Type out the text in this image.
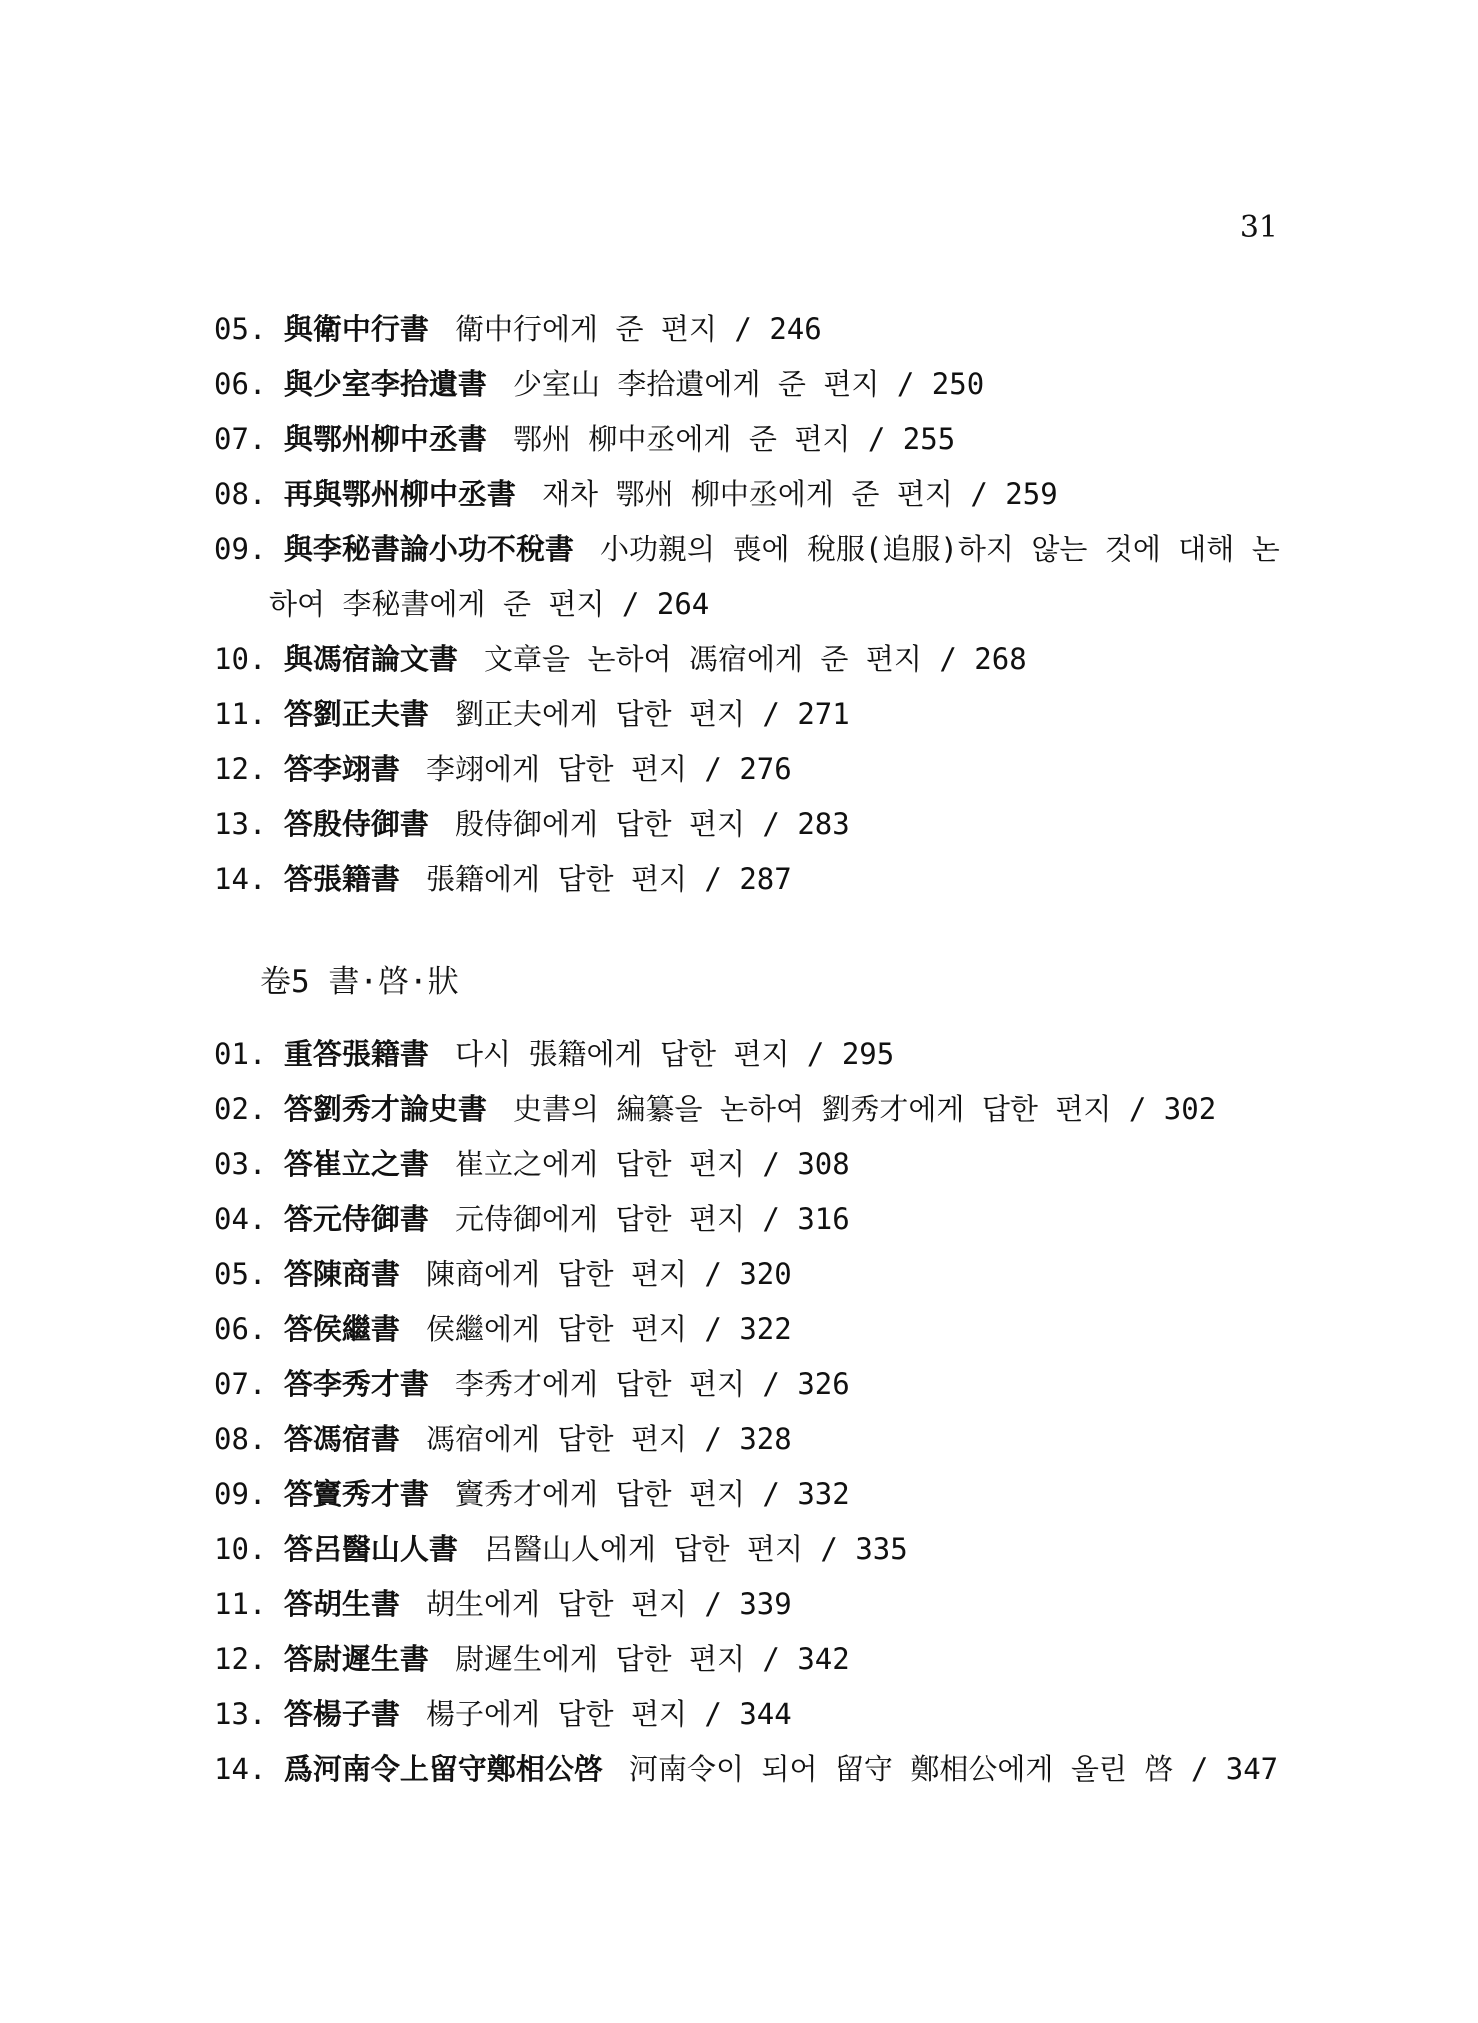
31
05. 與衛中行書 衛中行에게 준 편지 / 246
06. 與少室李拾遺書 少室山 李拾遺에게 준 편지 / 250
07. 與鄂州柳中丞書 鄂州 柳中丞에게 준 편지 / 255
08. 再與鄂州柳中丞書 재차 鄂州 柳中丞에게 준 편지 / 259
09. 與李秘書論小功不稅書 小功親의 喪에 稅服(追服)하지 않는 것에 대해 논하여 李秘書에게 준 편지 / 264
10. 與馮宿論文書 文章을 논하여 馮宿에게 준 편지 / 268
11. 答劉正夫書 劉正夫에게 답한 편지 / 271
12. 答李翊書 李翊에게 답한 편지 / 276
13. 答殷侍御書 殷侍御에게 답한 편지 / 283
14. 答張籍書 張籍에게 답한 편지 / 287
卷5 書·啓·狀
01. 重答張籍書 다시 張籍에게 답한 편지 / 295
02. 答劉秀才論史書 史書의 編纂을 논하여 劉秀才에게 답한 편지 / 302
03. 答崔立之書 崔立之에게 답한 편지 / 308
04. 答元侍御書 元侍御에게 답한 편지 / 316
05. 答陳商書 陳商에게 답한 편지 / 320
06. 答侯繼書 侯繼에게 답한 편지 / 322
07. 答李秀才書 李秀才에게 답한 편지 / 326
08. 答馮宿書 馮宿에게 답한 편지 / 328
09. 答竇秀才書 竇秀才에게 답한 편지 / 332
10. 答呂醫山人書 呂醫山人에게 답한 편지 / 335
11. 答胡生書 胡生에게 답한 편지 / 339
12. 答尉遲生書 尉遲生에게 답한 편지 / 342
13. 答楊子書 楊子에게 답한 편지 / 344
14. 爲河南令上留守鄭相公啓 河南令이 되어 留守 鄭相公에게 올린 啓 / 347
